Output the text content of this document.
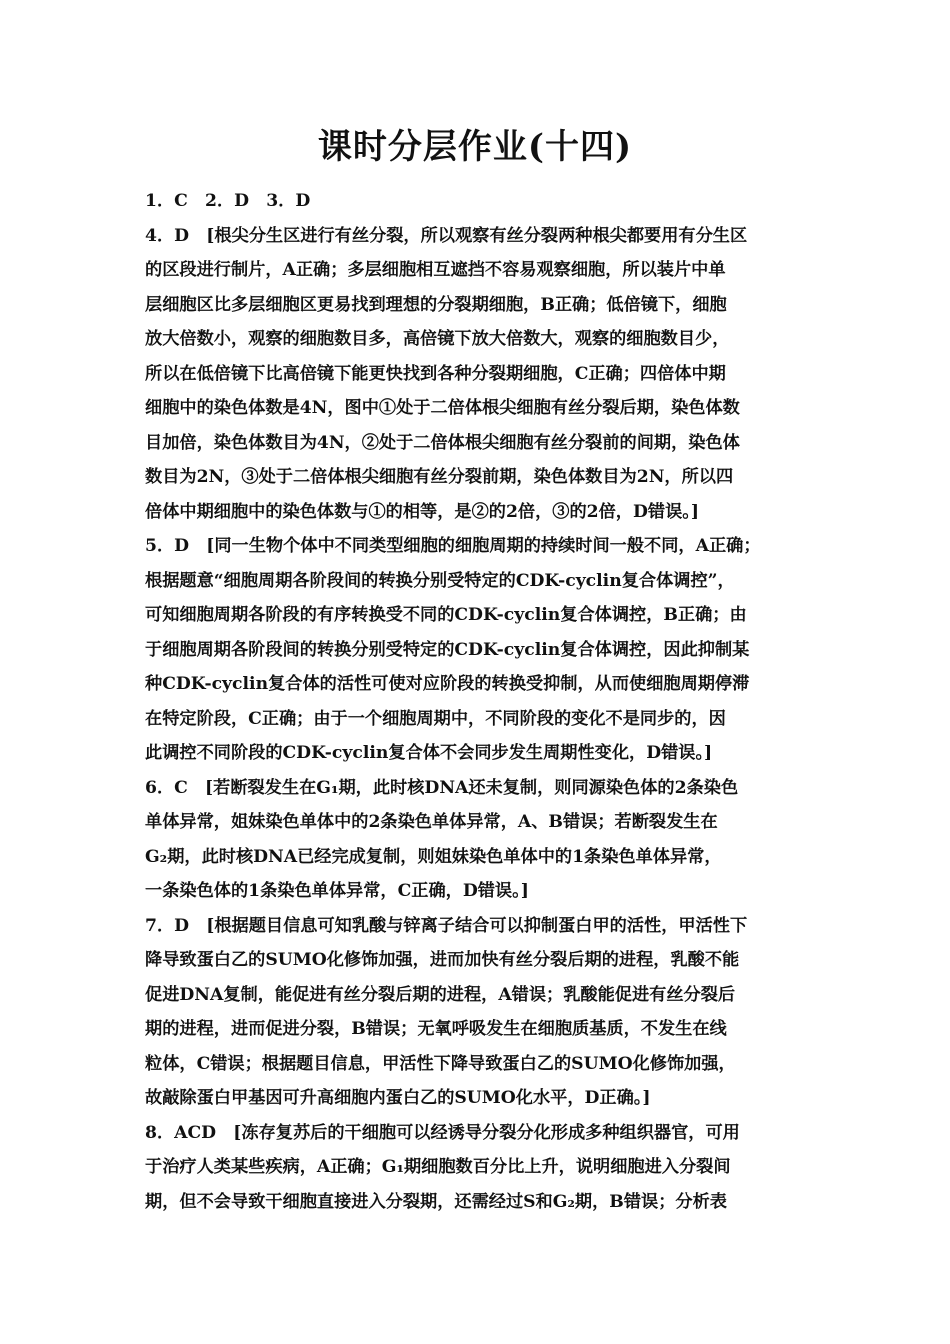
课时分层作业(十四)
1．C　2．D　3．D
4．D　[根尖分生区进行有丝分裂，所以观察有丝分裂两种根尖都要用有分生区
的区段进行制片，A正确；多层细胞相互遮挡不容易观察细胞，所以装片中单
层细胞区比多层细胞区更易找到理想的分裂期细胞，B正确；低倍镜下，细胞
放大倍数小，观察的细胞数目多，高倍镜下放大倍数大，观察的细胞数目少，
所以在低倍镜下比高倍镜下能更快找到各种分裂期细胞，C正确；四倍体中期
细胞中的染色体数是4N，图中①处于二倍体根尖细胞有丝分裂后期，染色体数
目加倍，染色体数目为4N，②处于二倍体根尖细胞有丝分裂前的间期，染色体
数目为2N，③处于二倍体根尖细胞有丝分裂前期，染色体数目为2N，所以四
倍体中期细胞中的染色体数与①的相等，是②的2倍，③的2倍，D错误。]
5．D　[同一生物个体中不同类型细胞的细胞周期的持续时间一般不同，A正确；
根据题意“细胞周期各阶段间的转换分别受特定的CDK-cyclin复合体调控”，
可知细胞周期各阶段的有序转换受不同的CDK-cyclin复合体调控，B正确；由
于细胞周期各阶段间的转换分别受特定的CDK-cyclin复合体调控，因此抑制某
种CDK-cyclin复合体的活性可使对应阶段的转换受抑制，从而使细胞周期停滞
在特定阶段，C正确；由于一个细胞周期中，不同阶段的变化不是同步的，因
此调控不同阶段的CDK-cyclin复合体不会同步发生周期性变化，D错误。]
6．C　[若断裂发生在G₁期，此时核DNA还未复制，则同源染色体的2条染色
单体异常，姐妹染色单体中的2条染色单体异常，A、B错误；若断裂发生在
G₂期，此时核DNA已经完成复制，则姐妹染色单体中的1条染色单体异常，
一条染色体的1条染色单体异常，C正确，D错误。]
7．D　[根据题目信息可知乳酸与锌离子结合可以抑制蛋白甲的活性，甲活性下
降导致蛋白乙的SUMO化修饰加强，进而加快有丝分裂后期的进程，乳酸不能
促进DNA复制，能促进有丝分裂后期的进程，A错误；乳酸能促进有丝分裂后
期的进程，进而促进分裂，B错误；无氧呼吸发生在细胞质基质，不发生在线
粒体，C错误；根据题目信息，甲活性下降导致蛋白乙的SUMO化修饰加强，
故敲除蛋白甲基因可升高细胞内蛋白乙的SUMO化水平，D正确。]
8．ACD　[冻存复苏后的干细胞可以经诱导分裂分化形成多种组织器官，可用
于治疗人类某些疾病，A正确；G₁期细胞数百分比上升，说明细胞进入分裂间
期，但不会导致干细胞直接进入分裂期，还需经过S和G₂期，B错误；分析表
